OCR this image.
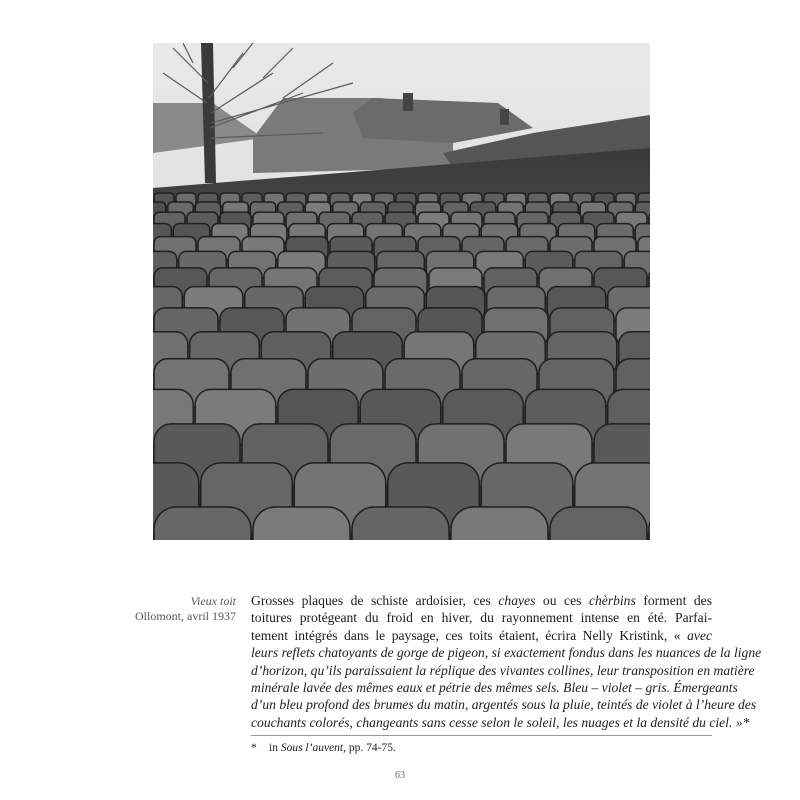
Vieux toit
Ollomont, avril 1937
Grosses plaques de schiste ardoisier, ces chayes ou ces chèrbins forment des
toitures protégeant du froid en hiver, du rayonnement intense en été. Parfai-
tement intégrés dans le paysage, ces toits étaient, écrira Nelly Kristink, « avec
leurs reflets chatoyants de gorge de pigeon, si exactement fondus dans les nuances de la ligne
d’horizon, qu’ils paraissaient la réplique des vivantes collines, leur transposition en matière
minérale lavée des mêmes eaux et pétrie des mêmes sels. Bleu – violet – gris. Émergeants
d’un bleu profond des brumes du matin, argentés sous la pluie, teintés de violet à l’heure des
couchants colorés, changeants sans cesse selon le soleil, les nuages et la densité du ciel. »*
* in Sous l’auvent, pp. 74-75.
63
